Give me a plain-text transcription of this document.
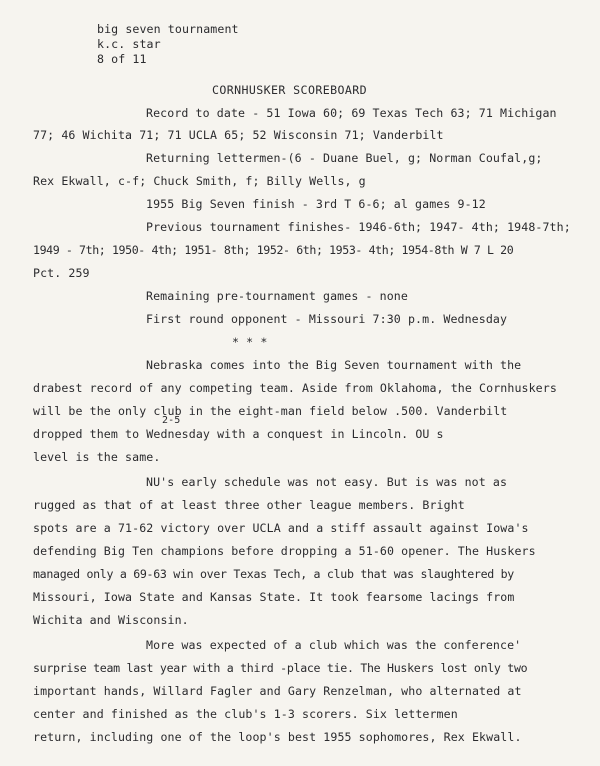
big seven tournament
k.c. star
8 of 11
CORNHUSKER SCOREBOARD
Record to date - 51 Iowa 60; 69 Texas Tech 63; 71 Michigan
77; 46 Wichita 71; 71 UCLA 65; 52 Wisconsin 71; Vanderbilt
Returning lettermen-(6 - Duane Buel, g; Norman Coufal,g;
Rex Ekwall, c-f; Chuck Smith, f; Billy Wells, g
1955 Big Seven finish - 3rd T 6-6; al games 9-12
Previous tournament finishes- 1946-6th; 1947- 4th; 1948-7th;
1949 - 7th; 1950- 4th; 1951- 8th; 1952- 6th; 1953- 4th; 1954-8th W 7 L 20
Pct. 259
Remaining pre-tournament games - none
First round opponent - Missouri 7:30 p.m. Wednesday
* * *
Nebraska comes into the Big Seven tournament with the
drabest record of any competing team. Aside from Oklahoma, the Cornhuskers
will be the only club in the eight-man field below .500. Vanderbilt
2-5
dropped them to Wednesday with a conquest in Lincoln. OU s
level is the same.
NU's early schedule was not easy. But is was not as
rugged as that of at least three other league members. Bright
spots are a 71-62 victory over UCLA and a stiff assault against Iowa's
defending Big Ten champions before dropping a 51-60 opener. The Huskers
managed only a 69-63 win over Texas Tech, a club that was slaughtered by
Missouri, Iowa State and Kansas State. It took fearsome lacings from
Wichita and Wisconsin.
More was expected of a club which was the conference'
surprise team last year with a third -place tie. The Huskers lost only two
important hands, Willard Fagler and Gary Renzelman, who alternated at
center and finished as the club's 1-3 scorers. Six lettermen
return, including one of the loop's best 1955 sophomores, Rex Ekwall.
